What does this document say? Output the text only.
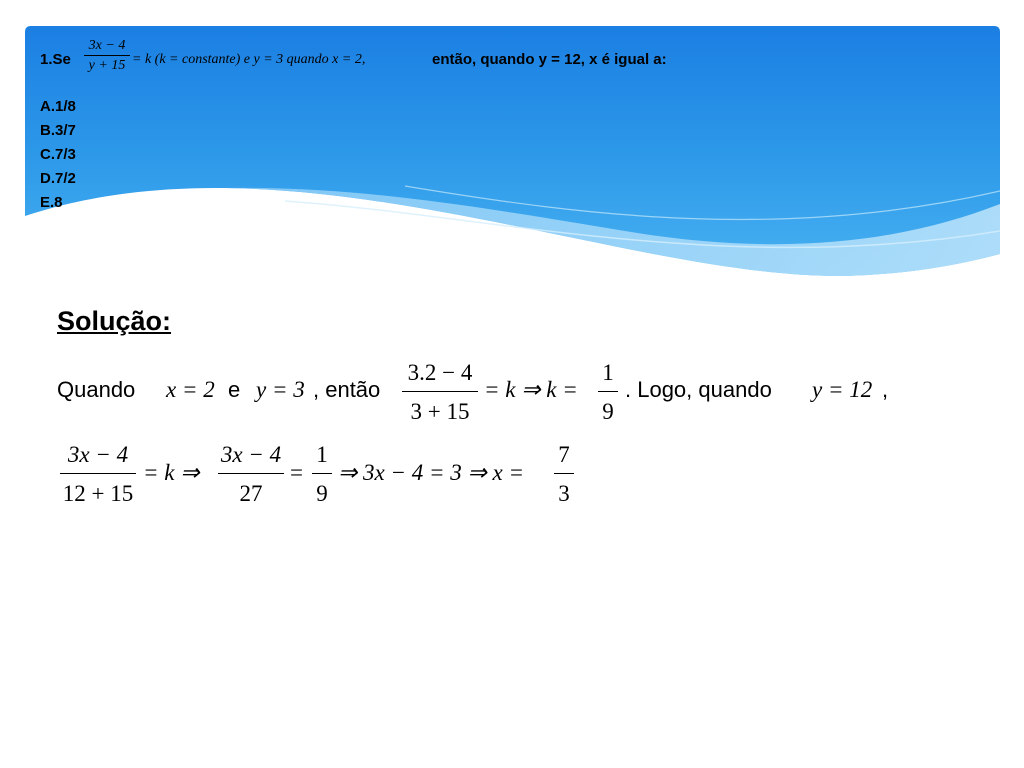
1.Se
3x − 4
y + 15 = k (k = constante) e y = 3 quando x = 2,	então, quando y = 12, x é igual a:
A.1/8
B.3/7
C.7/3
D.7/2
E.8
Solução:
Quando x = 2 e y = 3 , então
3.2 − 4
3 + 15
= k ⇒ k =
1
9
. Logo, quando y = 12 ,
3x − 4
12 + 15
= k ⇒
3x − 4
27
=
1
9
⇒ 3x − 4 = 3 ⇒ x =
7
3
